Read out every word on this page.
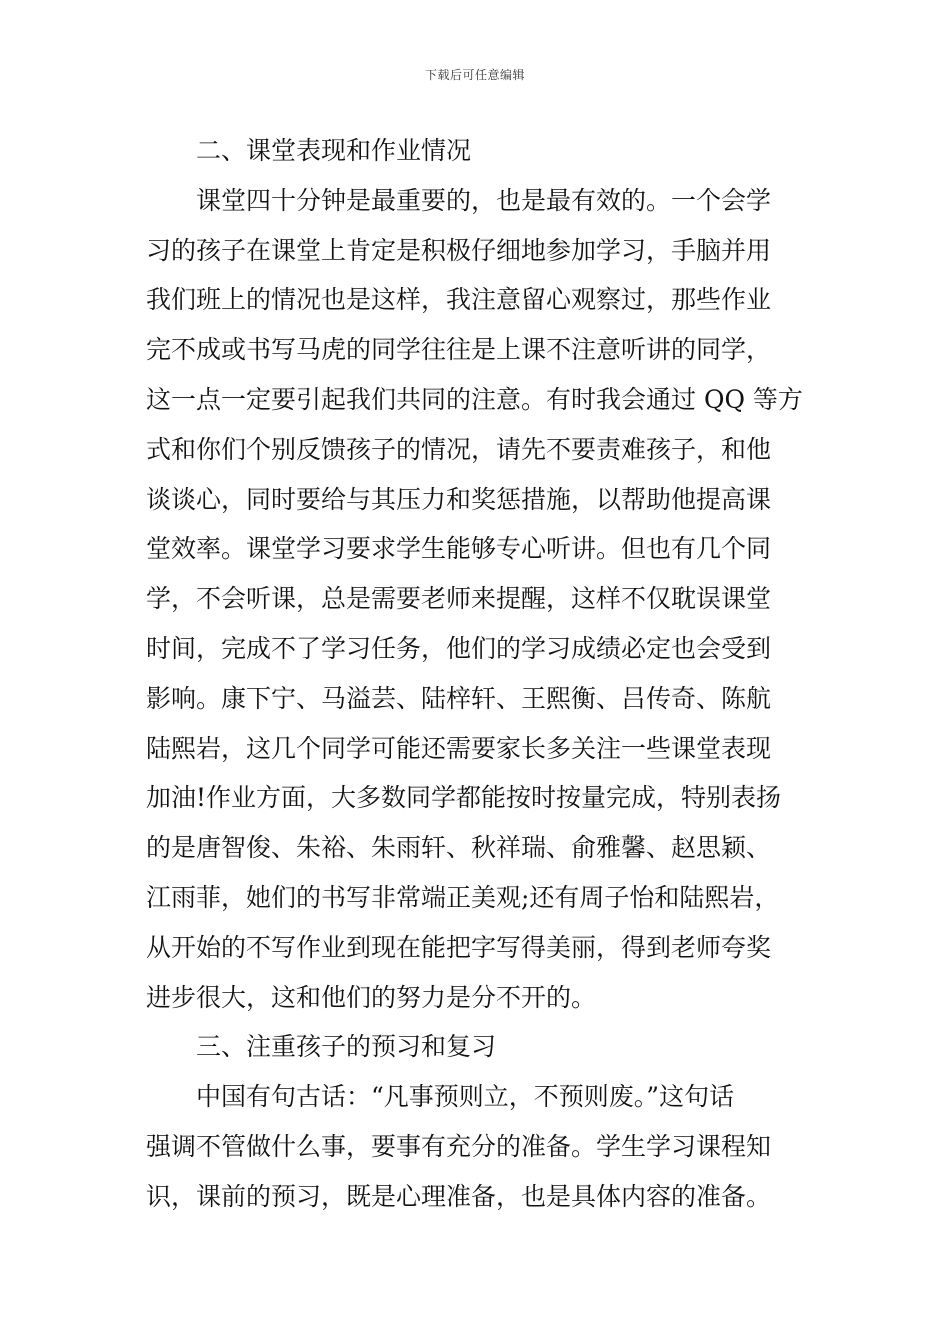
下载后可任意编辑
二、课堂表现和作业情况
课堂四十分钟是最重要的，也是最有效的。一个会学
习的孩子在课堂上肯定是积极仔细地参加学习，手脑并用
我们班上的情况也是这样，我注意留心观察过，那些作业
完不成或书写马虎的同学往往是上课不注意听讲的同学，
这一点一定要引起我们共同的注意。有时我会通过 QQ 等方
式和你们个别反馈孩子的情况，请先不要责难孩子，和他
谈谈心，同时要给与其压力和奖惩措施，以帮助他提高课
堂效率。课堂学习要求学生能够专心听讲。但也有几个同
学，不会听课，总是需要老师来提醒，这样不仅耽误课堂
时间，完成不了学习任务，他们的学习成绩必定也会受到
影响。康下宁、马溢芸、陆梓轩、王熙衡、吕传奇、陈航
陆熙岩，这几个同学可能还需要家长多关注一些课堂表现
加油!作业方面，大多数同学都能按时按量完成，特别表扬
的是唐智俊、朱裕、朱雨轩、秋祥瑞、俞雅馨、赵思颖、
江雨菲，她们的书写非常端正美观;还有周子怡和陆熙岩，
从开始的不写作业到现在能把字写得美丽，得到老师夸奖
进步很大，这和他们的努力是分不开的。
三、注重孩子的预习和复习
中国有句古话：“凡事预则立，不预则废。”这句话
强调不管做什么事，要事有充分的准备。学生学习课程知
识，课前的预习，既是心理准备，也是具体内容的准备。
